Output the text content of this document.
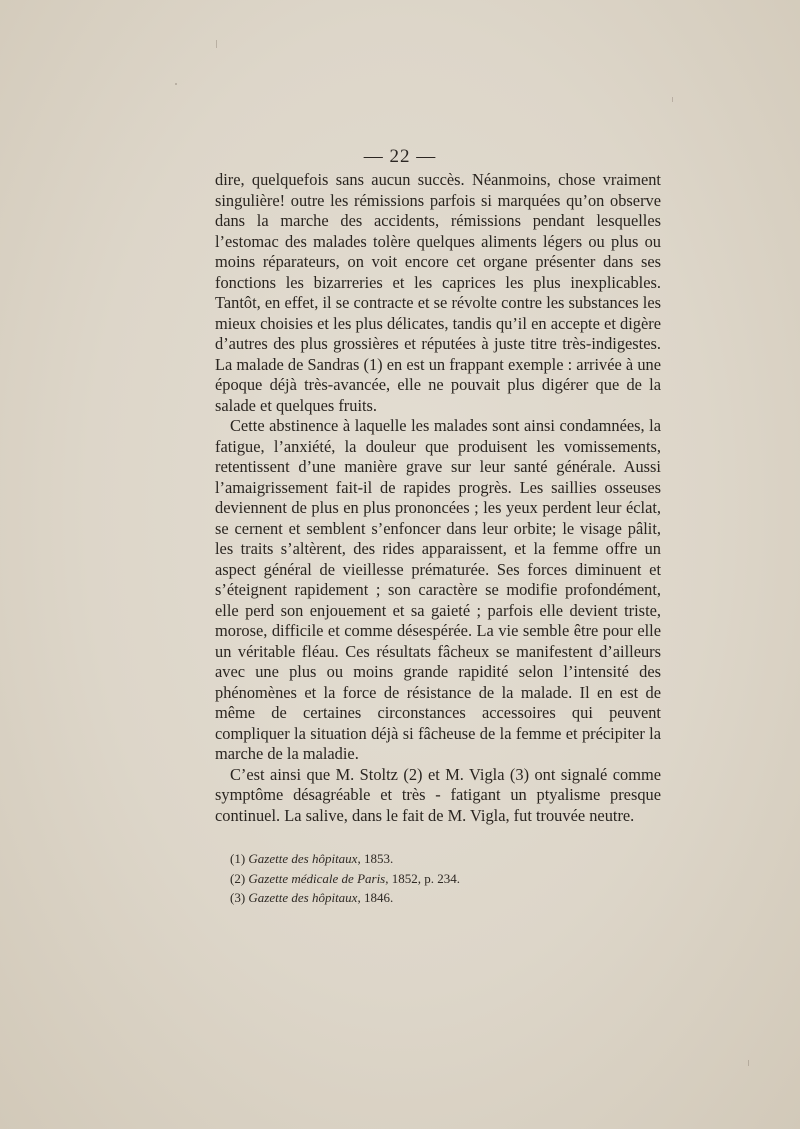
— 22 —

dire, quelquefois sans aucun succès. Néanmoins, chose vraiment singulière! outre les rémissions parfois si marquées qu’on observe dans la marche des accidents, rémissions pendant lesquelles l’estomac des malades tolère quelques aliments légers ou plus ou moins réparateurs, on voit encore cet organe présenter dans ses fonctions les bizarreries et les caprices les plus inexplicables. Tantôt, en effet, il se contracte et se révolte contre les substances les mieux choisies et les plus délicates, tandis qu’il en accepte et digère d’autres des plus grossières et réputées à juste titre très-indigestes. La malade de Sandras (1) en est un frappant exemple : arrivée à une époque déjà très-avancée, elle ne pouvait plus digérer que de la salade et quelques fruits.

Cette abstinence à laquelle les malades sont ainsi condamnées, la fatigue, l’anxiété, la douleur que produisent les vomissements, retentissent d’une manière grave sur leur santé générale. Aussi l’amaigrissement fait-il de rapides progrès. Les saillies osseuses deviennent de plus en plus prononcées ; les yeux perdent leur éclat, se cernent et semblent s’enfoncer dans leur orbite; le visage pâlit, les traits s’altèrent, des rides apparaissent, et la femme offre un aspect général de vieillesse prématurée. Ses forces diminuent et s’éteignent rapidement ; son caractère se modifie profondément, elle perd son enjouement et sa gaieté ; parfois elle devient triste, morose, difficile et comme désespérée. La vie semble être pour elle un véritable fléau. Ces résultats fâcheux se manifestent d’ailleurs avec une plus ou moins grande rapidité selon l’intensité des phénomènes et la force de résistance de la malade. Il en est de même de certaines circonstances accessoires qui peuvent compliquer la situation déjà si fâcheuse de la femme et précipiter la marche de la maladie.

C’est ainsi que M. Stoltz (2) et M. Vigla (3) ont signalé comme symptôme désagréable et très - fatigant un ptyalisme presque continuel. La salive, dans le fait de M. Vigla, fut trouvée neutre.

(1) Gazette des hôpitaux, 1853.
(2) Gazette médicale de Paris, 1852, p. 234.
(3) Gazette des hôpitaux, 1846.
